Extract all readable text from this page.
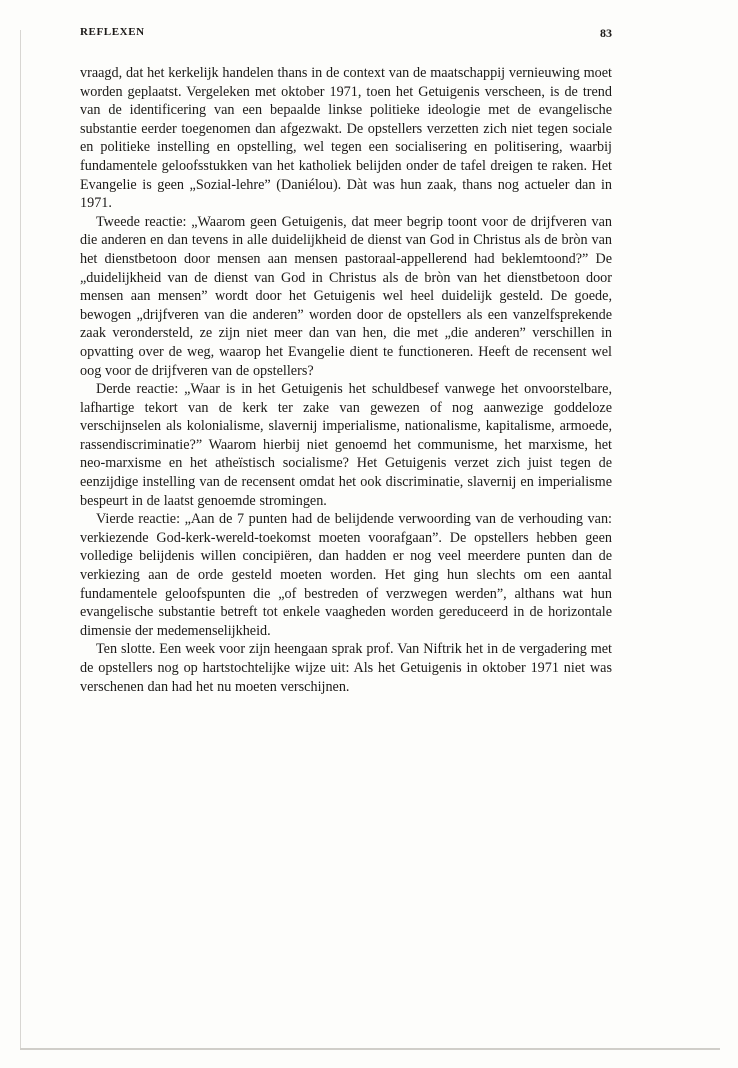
REFLEXEN	83

vraagd, dat het kerkelijk handelen thans in de context van de maatschappij vernieuwing moet worden geplaatst. Vergeleken met oktober 1971, toen het Getuigenis verscheen, is de trend van de identificering van een bepaalde linkse politieke ideologie met de evangelische substantie eerder toegenomen dan afgezwakt. De opstellers verzetten zich niet tegen sociale en politieke instelling en opstelling, wel tegen een socialisering en politisering, waarbij fundamentele geloofsstukken van het katholiek belijden onder de tafel dreigen te raken. Het Evangelie is geen „Sozial-lehre” (Daniélou). Dàt was hun zaak, thans nog actueler dan in 1971.

Tweede reactie: „Waarom geen Getuigenis, dat meer begrip toont voor de drijfveren van die anderen en dan tevens in alle duidelijkheid de dienst van God in Christus als de bròn van het dienstbetoon door mensen aan mensen pastoraal-appellerend had beklemtoond?” De „duidelijkheid van de dienst van God in Christus als de bròn van het dienstbetoon door mensen aan mensen” wordt door het Getuigenis wel heel duidelijk gesteld. De goede, bewogen „drijfveren van die anderen” worden door de opstellers als een vanzelfsprekende zaak verondersteld, ze zijn niet meer dan van hen, die met „die anderen” verschillen in opvatting over de weg, waarop het Evangelie dient te functioneren. Heeft de recensent wel oog voor de drijfveren van de opstellers?

Derde reactie: „Waar is in het Getuigenis het schuldbesef vanwege het onvoorstelbare, lafhartige tekort van de kerk ter zake van gewezen of nog aanwezige goddeloze verschijnselen als kolonialisme, slavernij imperialisme, nationalisme, kapitalisme, armoede, rassendiscriminatie?” Waarom hierbij niet genoemd het communisme, het marxisme, het neo-marxisme en het atheïstisch socialisme? Het Getuigenis verzet zich juist tegen de eenzijdige instelling van de recensent omdat het ook discriminatie, slavernij en imperialisme bespeurt in de laatst genoemde stromingen.

Vierde reactie: „Aan de 7 punten had de belijdende verwoording van de verhouding van: verkiezende God-kerk-wereld-toekomst moeten voorafgaan”. De opstellers hebben geen volledige belijdenis willen concipiëren, dan hadden er nog veel meerdere punten dan de verkiezing aan de orde gesteld moeten worden. Het ging hun slechts om een aantal fundamentele geloofspunten die „of bestreden of verzwegen werden”, althans wat hun evangelische substantie betreft tot enkele vaagheden worden gereduceerd in de horizontale dimensie der medemenselijkheid.

Ten slotte. Een week voor zijn heengaan sprak prof. Van Niftrik het in de vergadering met de opstellers nog op hartstochtelijke wijze uit: Als het Getuigenis in oktober 1971 niet was verschenen dan had het nu moeten verschijnen.
